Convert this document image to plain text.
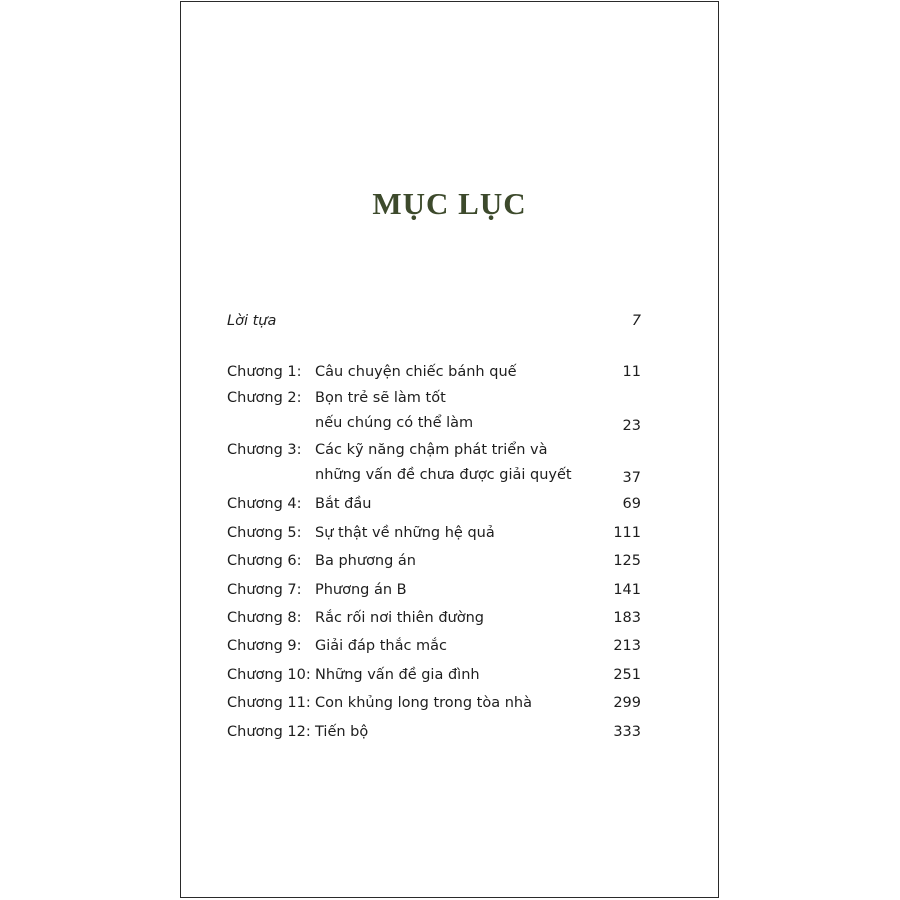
MỤC LỤC
Lời tựa	7
Chương 1: Câu chuyện chiếc bánh quế	11
Chương 2: Bọn trẻ sẽ làm tốt
nếu chúng có thể làm	23
Chương 3: Các kỹ năng chậm phát triển và
những vấn đề chưa được giải quyết	37
Chương 4: Bắt đầu	69
Chương 5: Sự thật về những hệ quả	111
Chương 6: Ba phương án	125
Chương 7: Phương án B	141
Chương 8: Rắc rối nơi thiên đường	183
Chương 9: Giải đáp thắc mắc	213
Chương 10: Những vấn đề gia đình	251
Chương 11: Con khủng long trong tòa nhà	299
Chương 12: Tiến bộ	333
